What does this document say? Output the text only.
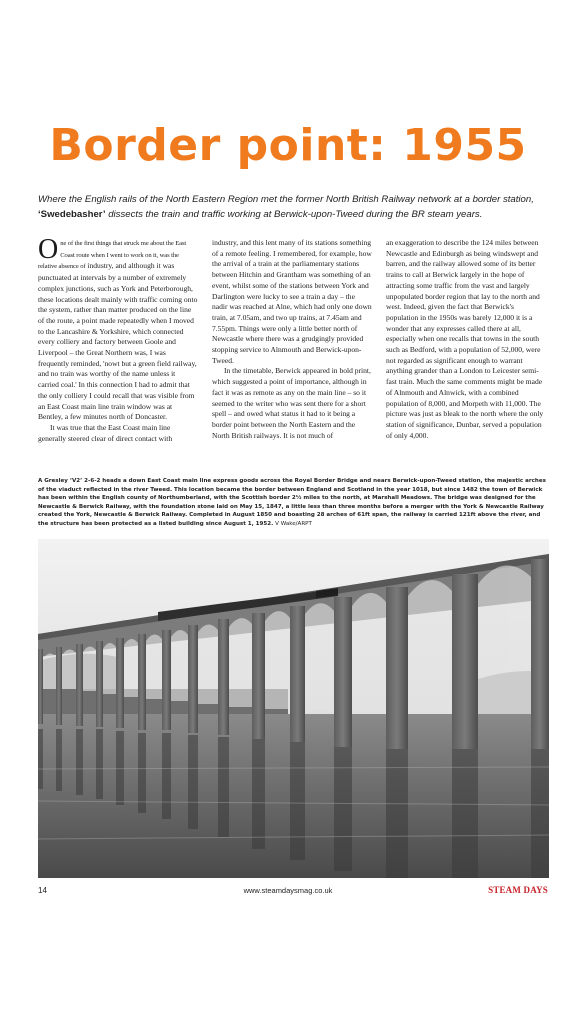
Border point: 1955

Where the English rails of the North Eastern Region met the former North British Railway network at a border station, ‘Swedebasher’ dissects the train and traffic working at Berwick-upon-Tweed during the BR steam years.

One of the first things that struck me about the East Coast route when I went to work on it, was the relative absence of industry, and although it was punctuated at intervals by a number of extremely complex junctions, such as York and Peterborough, these locations dealt mainly with traffic coming onto the system, rather than matter produced on the line of the route, a point made repeatedly when I moved to the Lancashire & Yorkshire, which connected every colliery and factory between Goole and Liverpool – the Great Northern was, I was frequently reminded, 'nowt but a green field railway, and no train was worthy of the name unless it carried coal.' In this connection I had to admit that the only colliery I could recall that was visible from an East Coast main line train window was at Bentley, a few minutes north of Doncaster.

It was true that the East Coast main line generally steered clear of direct contact with

industry, and this lent many of its stations something of a remote feeling. I remembered, for example, how the arrival of a train at the parliamentary stations between Hitchin and Grantham was something of an event, whilst some of the stations between York and Darlington were lucky to see a train a day – the nadir was reached at Alne, which had only one down train, at 7.05am, and two up trains, at 7.45am and 7.55pm. Things were only a little better north of Newcastle where there was a grudgingly provided stopping service to Alnmouth and Berwick-upon-Tweed.

In the timetable, Berwick appeared in bold print, which suggested a point of importance, although in fact it was as remote as any on the main line – so it seemed to the writer who was sent there for a short spell – and owed what status it had to it being a border point between the North Eastern and the North British railways. It is not much of

an exaggeration to describe the 124 miles between Newcastle and Edinburgh as being windswept and barren, and the railway allowed some of its better trains to call at Berwick largely in the hope of attracting some traffic from the vast and largely unpopulated border region that lay to the north and west. Indeed, given the fact that Berwick's population in the 1950s was barely 12,000 it is a wonder that any expresses called there at all, especially when one recalls that towns in the south such as Bedford, with a population of 52,000, were not regarded as significant enough to warrant anything grander than a London to Leicester semi-fast train. Much the same comments might be made of Alnmouth and Alnwick, with a combined population of 8,000, and Morpeth with 11,000. The picture was just as bleak to the north where the only station of significance, Dunbar, served a population of only 4,000.

A Gresley ‘V2’ 2-6-2 heads a down East Coast main line express goods across the Royal Border Bridge and nears Berwick-upon-Tweed station, the majestic arches of the viaduct reflected in the river Tweed. This location became the border between England and Scotland in the year 1018, but since 1482 the town of Berwick has been within the English county of Northumberland, with the Scottish border 2½ miles to the north, at Marshall Meadows. The bridge was designed for the Newcastle & Berwick Railway, with the foundation stone laid on May 15, 1847, a little less than three months before a merger with the York & Newcastle Railway created the York, Newcastle & Berwick Railway. Completed in August 1850 and boasting 28 arches of 61ft span, the railway is carried 121ft above the river, and the structure has been protected as a listed building since August 1, 1952. V Wake/ARPT

14	www.steamdaysmag.co.uk	STEAM DAYS
